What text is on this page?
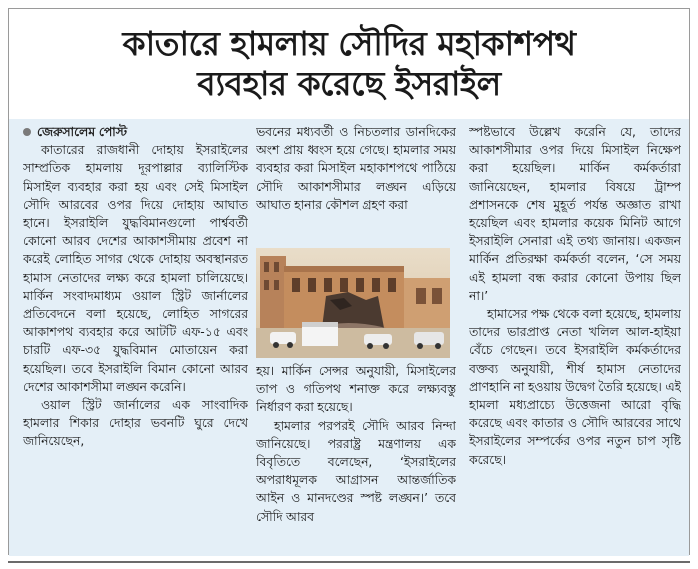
কাতারে হামলায় সৌদির মহাকাশপথ
ব্যবহার করেছে ইসরাইল
জেরুসালেম পোস্ট

কাতারের রাজধানী দোহায় ইসরাইলের সাম্প্রতিক হামলায় দূরপাল্লার ব্যালিস্টিক মিসাইল ব্যবহার করা হয় এবং সেই মিসাইল সৌদি আরবের ওপর দিয়ে দোহায় আঘাত হানে। ইসরাইলি যুদ্ধবিমানগুলো পার্শ্ববর্তী কোনো আরব দেশের আকাশসীমায় প্রবেশ না করেই লোহিত সাগর থেকে দোহায় অবস্থানরত হামাস নেতাদের লক্ষ্য করে হামলা চালিয়েছে। মার্কিন সংবাদমাধ্যম ওয়াল স্ট্রিট জার্নালের প্রতিবেদনে বলা হয়েছে, লোহিত সাগরের আকাশপথ ব্যবহার করে আটটি এফ-১৫ এবং চারটি এফ-৩৫ যুদ্ধবিমান মোতায়েন করা হয়েছিল। তবে ইসরাইলি বিমান কোনো আরব দেশের আকাশসীমা লঙ্ঘন করেনি।

ওয়াল স্ট্রিট জার্নালের এক সাংবাদিক হামলার শিকার দোহার ভবনটি ঘুরে দেখে জানিয়েছেন,

ভবনের মধ্যবর্তী ও নিচতলার ডানদিকের অংশ প্রায় ধ্বংস হয়ে গেছে। হামলার সময় ব্যবহার করা মিসাইল মহাকাশপথে পাঠিয়ে সৌদি আকাশসীমার লঙ্ঘন এড়িয়ে আঘাত হানার কৌশল গ্রহণ করা

হয়। মার্কিন সেন্সর অনুযায়ী, মিসাইলের তাপ ও গতিপথ শনাক্ত করে লক্ষ্যবস্তু নির্ধারণ করা হয়েছে।

হামলার পরপরই সৌদি আরব নিন্দা জানিয়েছে। পররাষ্ট্র মন্ত্রণালয় এক বিবৃতিতে বলেছেন, ‘ইসরাইলের অপরাধমূলক আগ্রাসন আন্তর্জাতিক আইন ও মানদণ্ডের স্পষ্ট লঙ্ঘন।’ তবে সৌদি আরব

স্পষ্টভাবে উল্লেখ করেনি যে, তাদের আকাশসীমার ওপর দিয়ে মিসাইল নিক্ষেপ করা হয়েছিল। মার্কিন কর্মকর্তারা জানিয়েছেন, হামলার বিষয়ে ট্রাম্প প্রশাসনকে শেষ মুহূর্ত পর্যন্ত অজ্ঞাত রাখা হয়েছিল এবং হামলার কয়েক মিনিট আগে ইসরাইলি সেনারা এই তথ্য জানায়। একজন মার্কিন প্রতিরক্ষা কর্মকর্তা বলেন, ‘সে সময় এই হামলা বন্ধ করার কোনো উপায় ছিল না।’

হামাসের পক্ষ থেকে বলা হয়েছে, হামলায় তাদের ভারপ্রাপ্ত নেতা খলিল আল-হাইয়া বেঁচে গেছেন। তবে ইসরাইলি কর্মকর্তাদের বক্তব্য অনুযায়ী, শীর্ষ হামাস নেতাদের প্রাণহানি না হওয়ায় উদ্বেগ তৈরি হয়েছে। এই হামলা মধ্যপ্রাচ্যে উত্তেজনা আরো বৃদ্ধি করেছে এবং কাতার ও সৌদি আরবের সাথে ইসরাইলের সম্পর্কের ওপর নতুন চাপ সৃষ্টি করেছে।
